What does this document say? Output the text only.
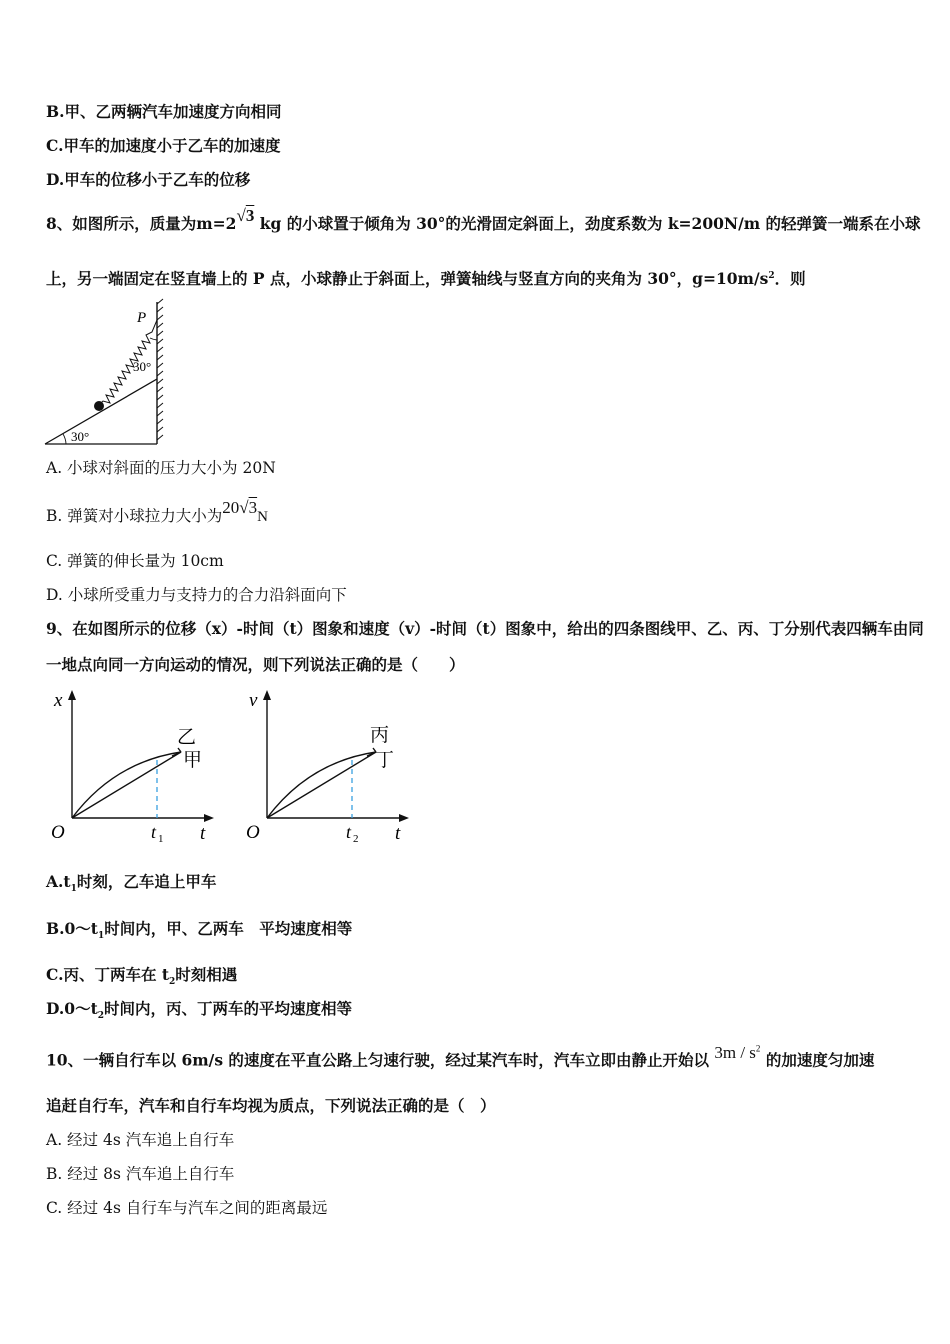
B.甲、乙两辆汽车加速度方向相同
C.甲车的加速度小于乙车的加速度
D.甲车的位移小于乙车的位移
8、如图所示，质量为m=2√3 kg 的小球置于倾角为 30°的光滑固定斜面上，劲度系数为 k=200N/m 的轻弹簧一端系在小球
上，另一端固定在竖直墙上的 P 点，小球静止于斜面上，弹簧轴线与竖直方向的夹角为 30°，$g=10m/s^2$．则
P
30°
30°
A. 小球对斜面的压力大小为 20N
B. 弹簧对小球拉力大小为20√3N
C. 弹簧的伸长量为 10cm
D. 小球所受重力与支持力的合力沿斜面向下
9、在如图所示的位移（x）-时间（t）图象和速度（v）-时间（t）图象中，给出的四条图线甲、乙、丙、丁分别代表四辆车由同
一地点向同一方向运动的情况，则下列说法正确的是（　　）
x
t
O	t 1
乙
甲
v
t
O	t 2
丙
丁
$A.t_1$时刻，乙车追上甲车
$B.0\sim t_1$时间内，甲、乙两车　平均速度相等
C.丙、丁两车在 $t_2$时刻相遇
$D.0\sim t_2$时间内，丙、丁两车的平均速度相等
10、一辆自行车以 6m/s 的速度在平直公路上匀速行驶，经过某汽车时，汽车立即由静止开始以 $3m / s^2$ 的加速度匀加速
追赶自行车，汽车和自行车均视为质点，下列说法正确的是（　）
A. 经过 4s 汽车追上自行车
B. 经过 8s 汽车追上自行车
C. 经过 4s 自行车与汽车之间的距离最远
